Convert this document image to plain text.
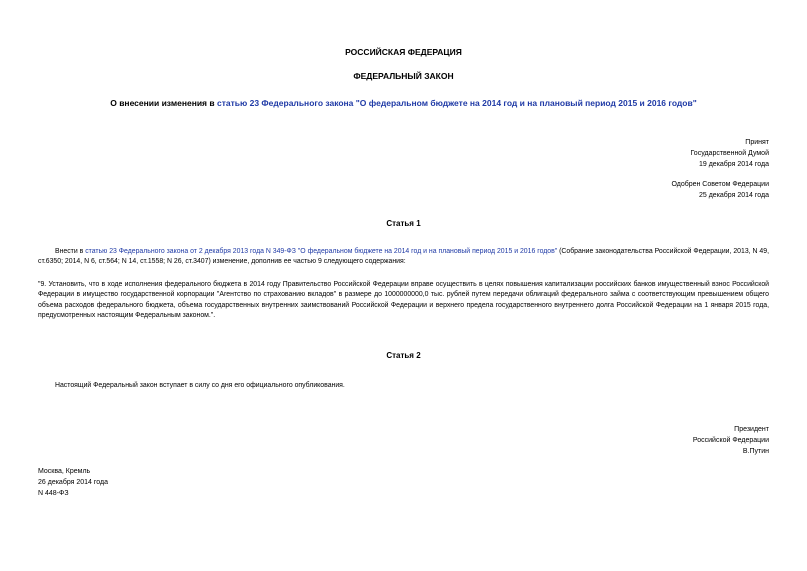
РОССИЙСКАЯ ФЕДЕРАЦИЯ
ФЕДЕРАЛЬНЫЙ ЗАКОН
О внесении изменения в статью 23 Федерального закона "О федеральном бюджете на 2014 год и на плановый период 2015 и 2016 годов"
Принят
Государственной Думой
19 декабря 2014 года
Одобрен Советом Федерации
25 декабря 2014 года
Статья 1
Внести в статью 23 Федерального закона от 2 декабря 2013 года N 349-ФЗ "О федеральном бюджете на 2014 год и на плановый период 2015 и 2016 годов" (Собрание законодательства Российской Федерации, 2013, N 49, ст.6350; 2014, N 6, ст.564; N 14, ст.1558; N 26, ст.3407) изменение, дополнив ее частью 9 следующего содержания:
"9. Установить, что в ходе исполнения федерального бюджета в 2014 году Правительство Российской Федерации вправе осуществить в целях повышения капитализации российских банков имущественный взнос Российской Федерации в имущество государственной корпорации "Агентство по страхованию вкладов" в размере до 1000000000,0 тыс. рублей путем передачи облигаций федерального займа с соответствующим превышением общего объема расходов федерального бюджета, объема государственных внутренних заимствований Российской Федерации и верхнего предела государственного внутреннего долга Российской Федерации на 1 января 2015 года, предусмотренных настоящим Федеральным законом.".
Статья 2
Настоящий Федеральный закон вступает в силу со дня его официального опубликования.
Президент
Российской Федерации
В.Путин
Москва, Кремль
26 декабря 2014 года
N 448-ФЗ
